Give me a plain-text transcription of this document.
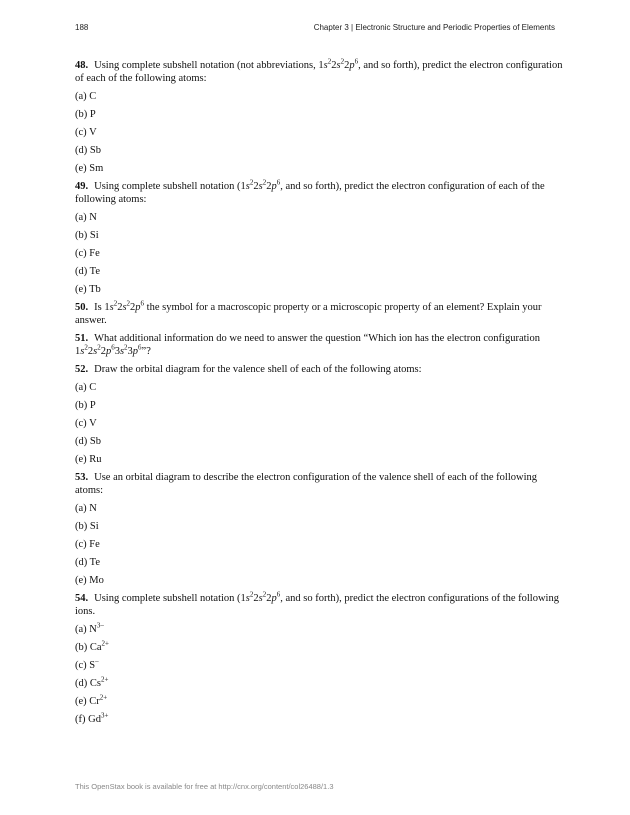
188	Chapter 3 | Electronic Structure and Periodic Properties of Elements

48. Using complete subshell notation (not abbreviations, $1s^22s^22p^6$, and so forth), predict the electron configuration of each of the following atoms:

(a) C
(b) P
(c) V
(d) Sb
(e) Sm

49. Using complete subshell notation ($1s^22s^22p^6$, and so forth), predict the electron configuration of each of the following atoms:

(a) N
(b) Si
(c) Fe
(d) Te
(e) Tb

50. Is $1s^22s^22p^6$ the symbol for a macroscopic property or a microscopic property of an element? Explain your answer.

51. What additional information do we need to answer the question “Which ion has the electron configuration $1s^22s^22p^63s^23p^6$”?

52. Draw the orbital diagram for the valence shell of each of the following atoms:

(a) C
(b) P
(c) V
(d) Sb
(e) Ru

53. Use an orbital diagram to describe the electron configuration of the valence shell of each of the following atoms:

(a) N
(b) Si
(c) Fe
(d) Te
(e) Mo

54. Using complete subshell notation ($1s^22s^22p^6$, and so forth), predict the electron configurations of the following ions.

(a) $N^{3-}$
(b) $Ca^{2+}$
(c) S–
(d) $Cs^{2+}$
(e) $Cr^{2+}$
(f) $Gd^{3+}$
This OpenStax book is available for free at http://cnx.org/content/col26488/1.3
